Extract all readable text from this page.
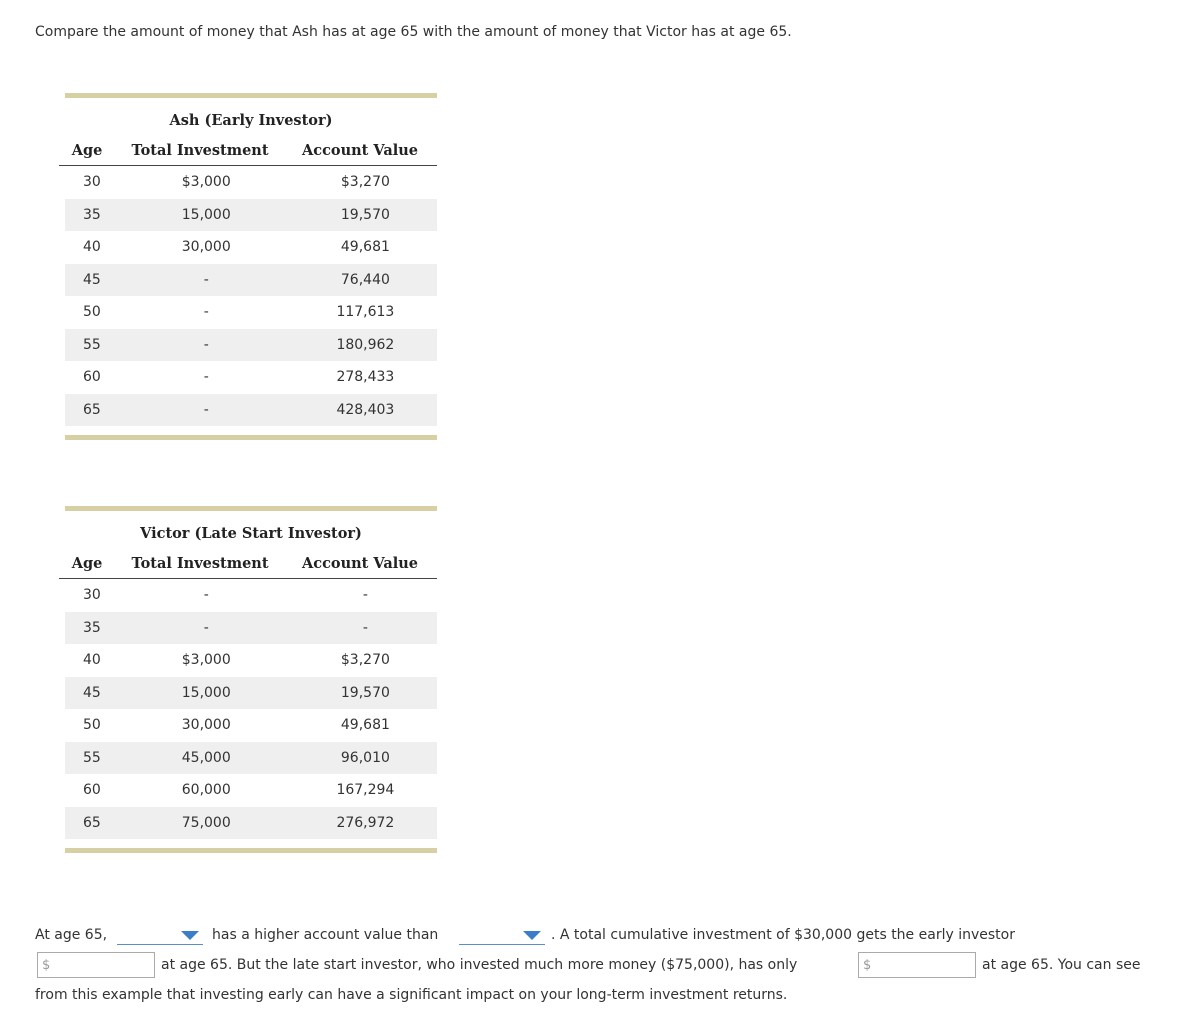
Compare the amount of money that Ash has at age 65 with the amount of money that Victor has at age 65.
Ash (Early Investor)
Age	Total Investment	Account Value
30	$3,000	$3,270
35	15,000	19,570
40	30,000	49,681
45	-	76,440
50	-	117,613
55	-	180,962
60	-	278,433
65	-	428,403
Victor (Late Start Investor)
Age	Total Investment	Account Value
30	-	-
35	-	-
40	$3,000	$3,270
45	15,000	19,570
50	30,000	49,681
55	45,000	96,010
60	60,000	167,294
65	75,000	276,972
At age 65,	has a higher account value than	. A total cumulative investment of $30,000 gets the early investor
$	at age 65. But the late start investor, who invested much more money ($75,000), has only	$	at age 65. You can see
from this example that investing early can have a significant impact on your long-term investment returns.
